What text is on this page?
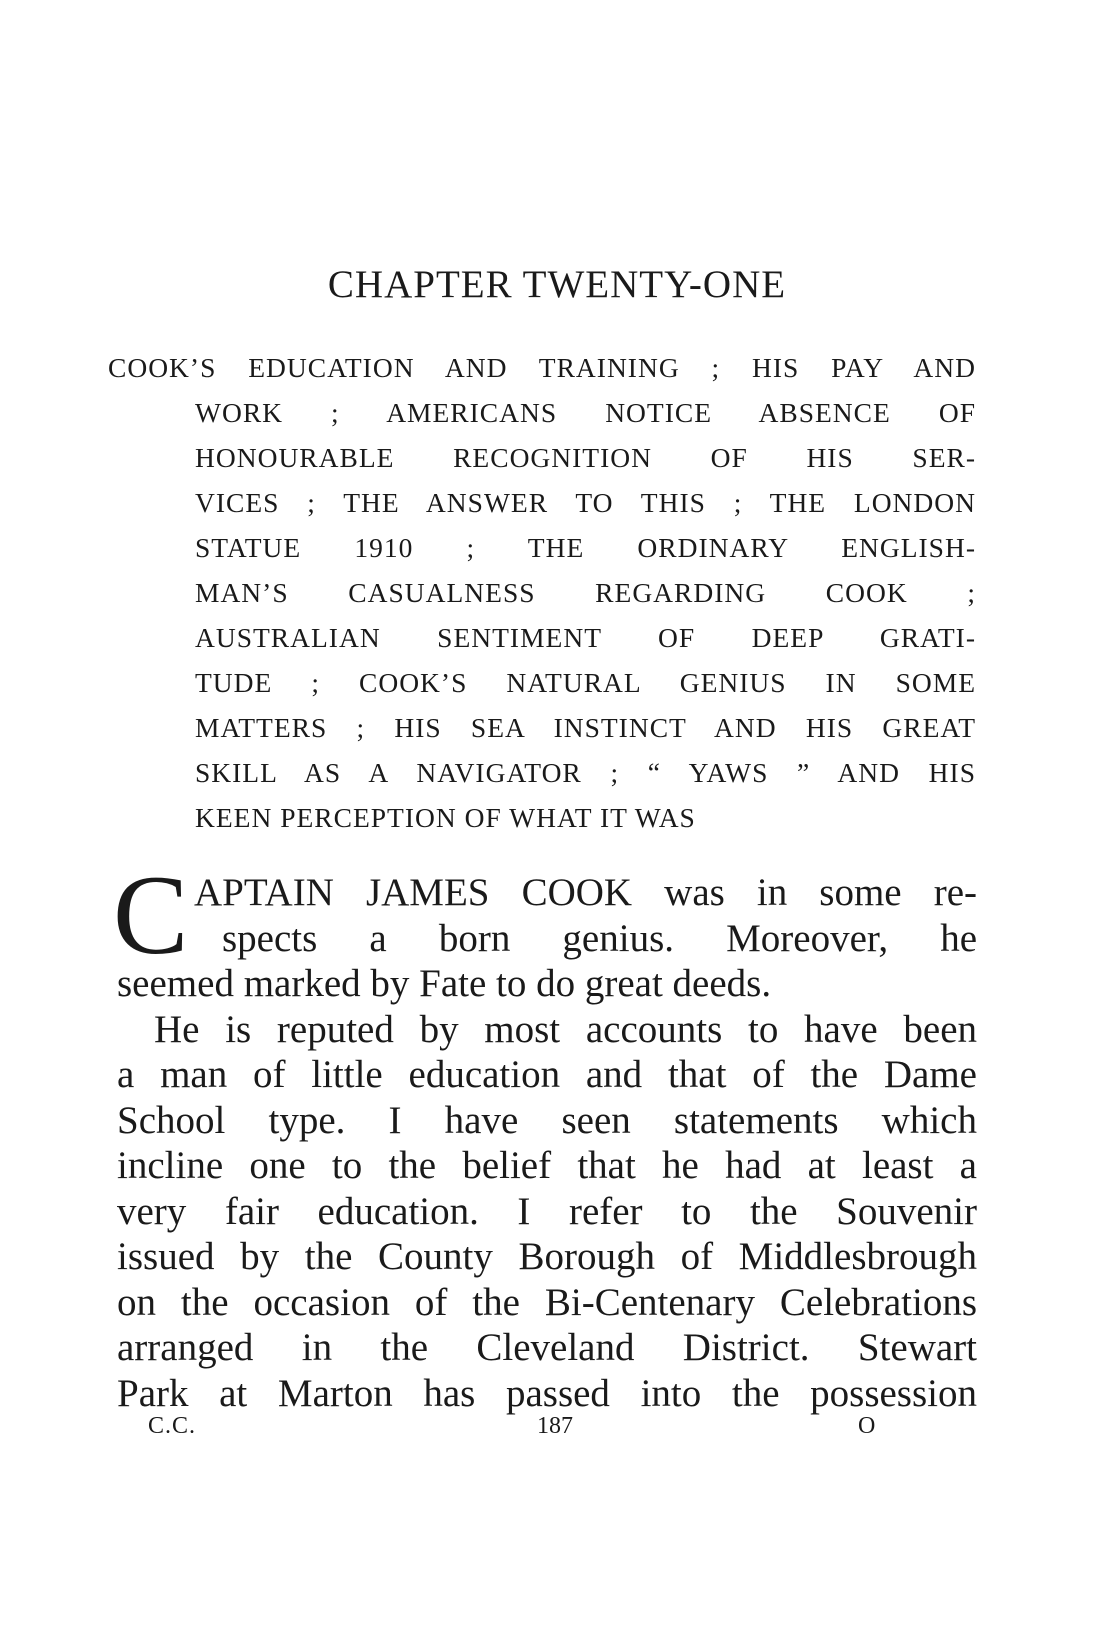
CHAPTER TWENTY-ONE
COOK’S EDUCATION AND TRAINING ; HIS PAY AND
WORK ; AMERICANS NOTICE ABSENCE OF
HONOURABLE RECOGNITION OF HIS SER-
VICES ; THE ANSWER TO THIS ; THE LONDON
STATUE 1910 ; THE ORDINARY ENGLISH-
MAN’S CASUALNESS REGARDING COOK ;
AUSTRALIAN SENTIMENT OF DEEP GRATI-
TUDE ; COOK’S NATURAL GENIUS IN SOME
MATTERS ; HIS SEA INSTINCT AND HIS GREAT
SKILL AS A NAVIGATOR ; “ YAWS ” AND HIS
KEEN PERCEPTION OF WHAT IT WAS
C APTAIN JAMES COOK was in some re-
spects a born genius. Moreover, he
seemed marked by Fate to do great deeds.
He is reputed by most accounts to have been
a man of little education and that of the Dame
School type. I have seen statements which
incline one to the belief that he had at least a
very fair education. I refer to the Souvenir
issued by the County Borough of Middlesbrough
on the occasion of the Bi-Centenary Celebrations
arranged in the Cleveland District. Stewart
Park at Marton has passed into the possession
C.C.	187	O
